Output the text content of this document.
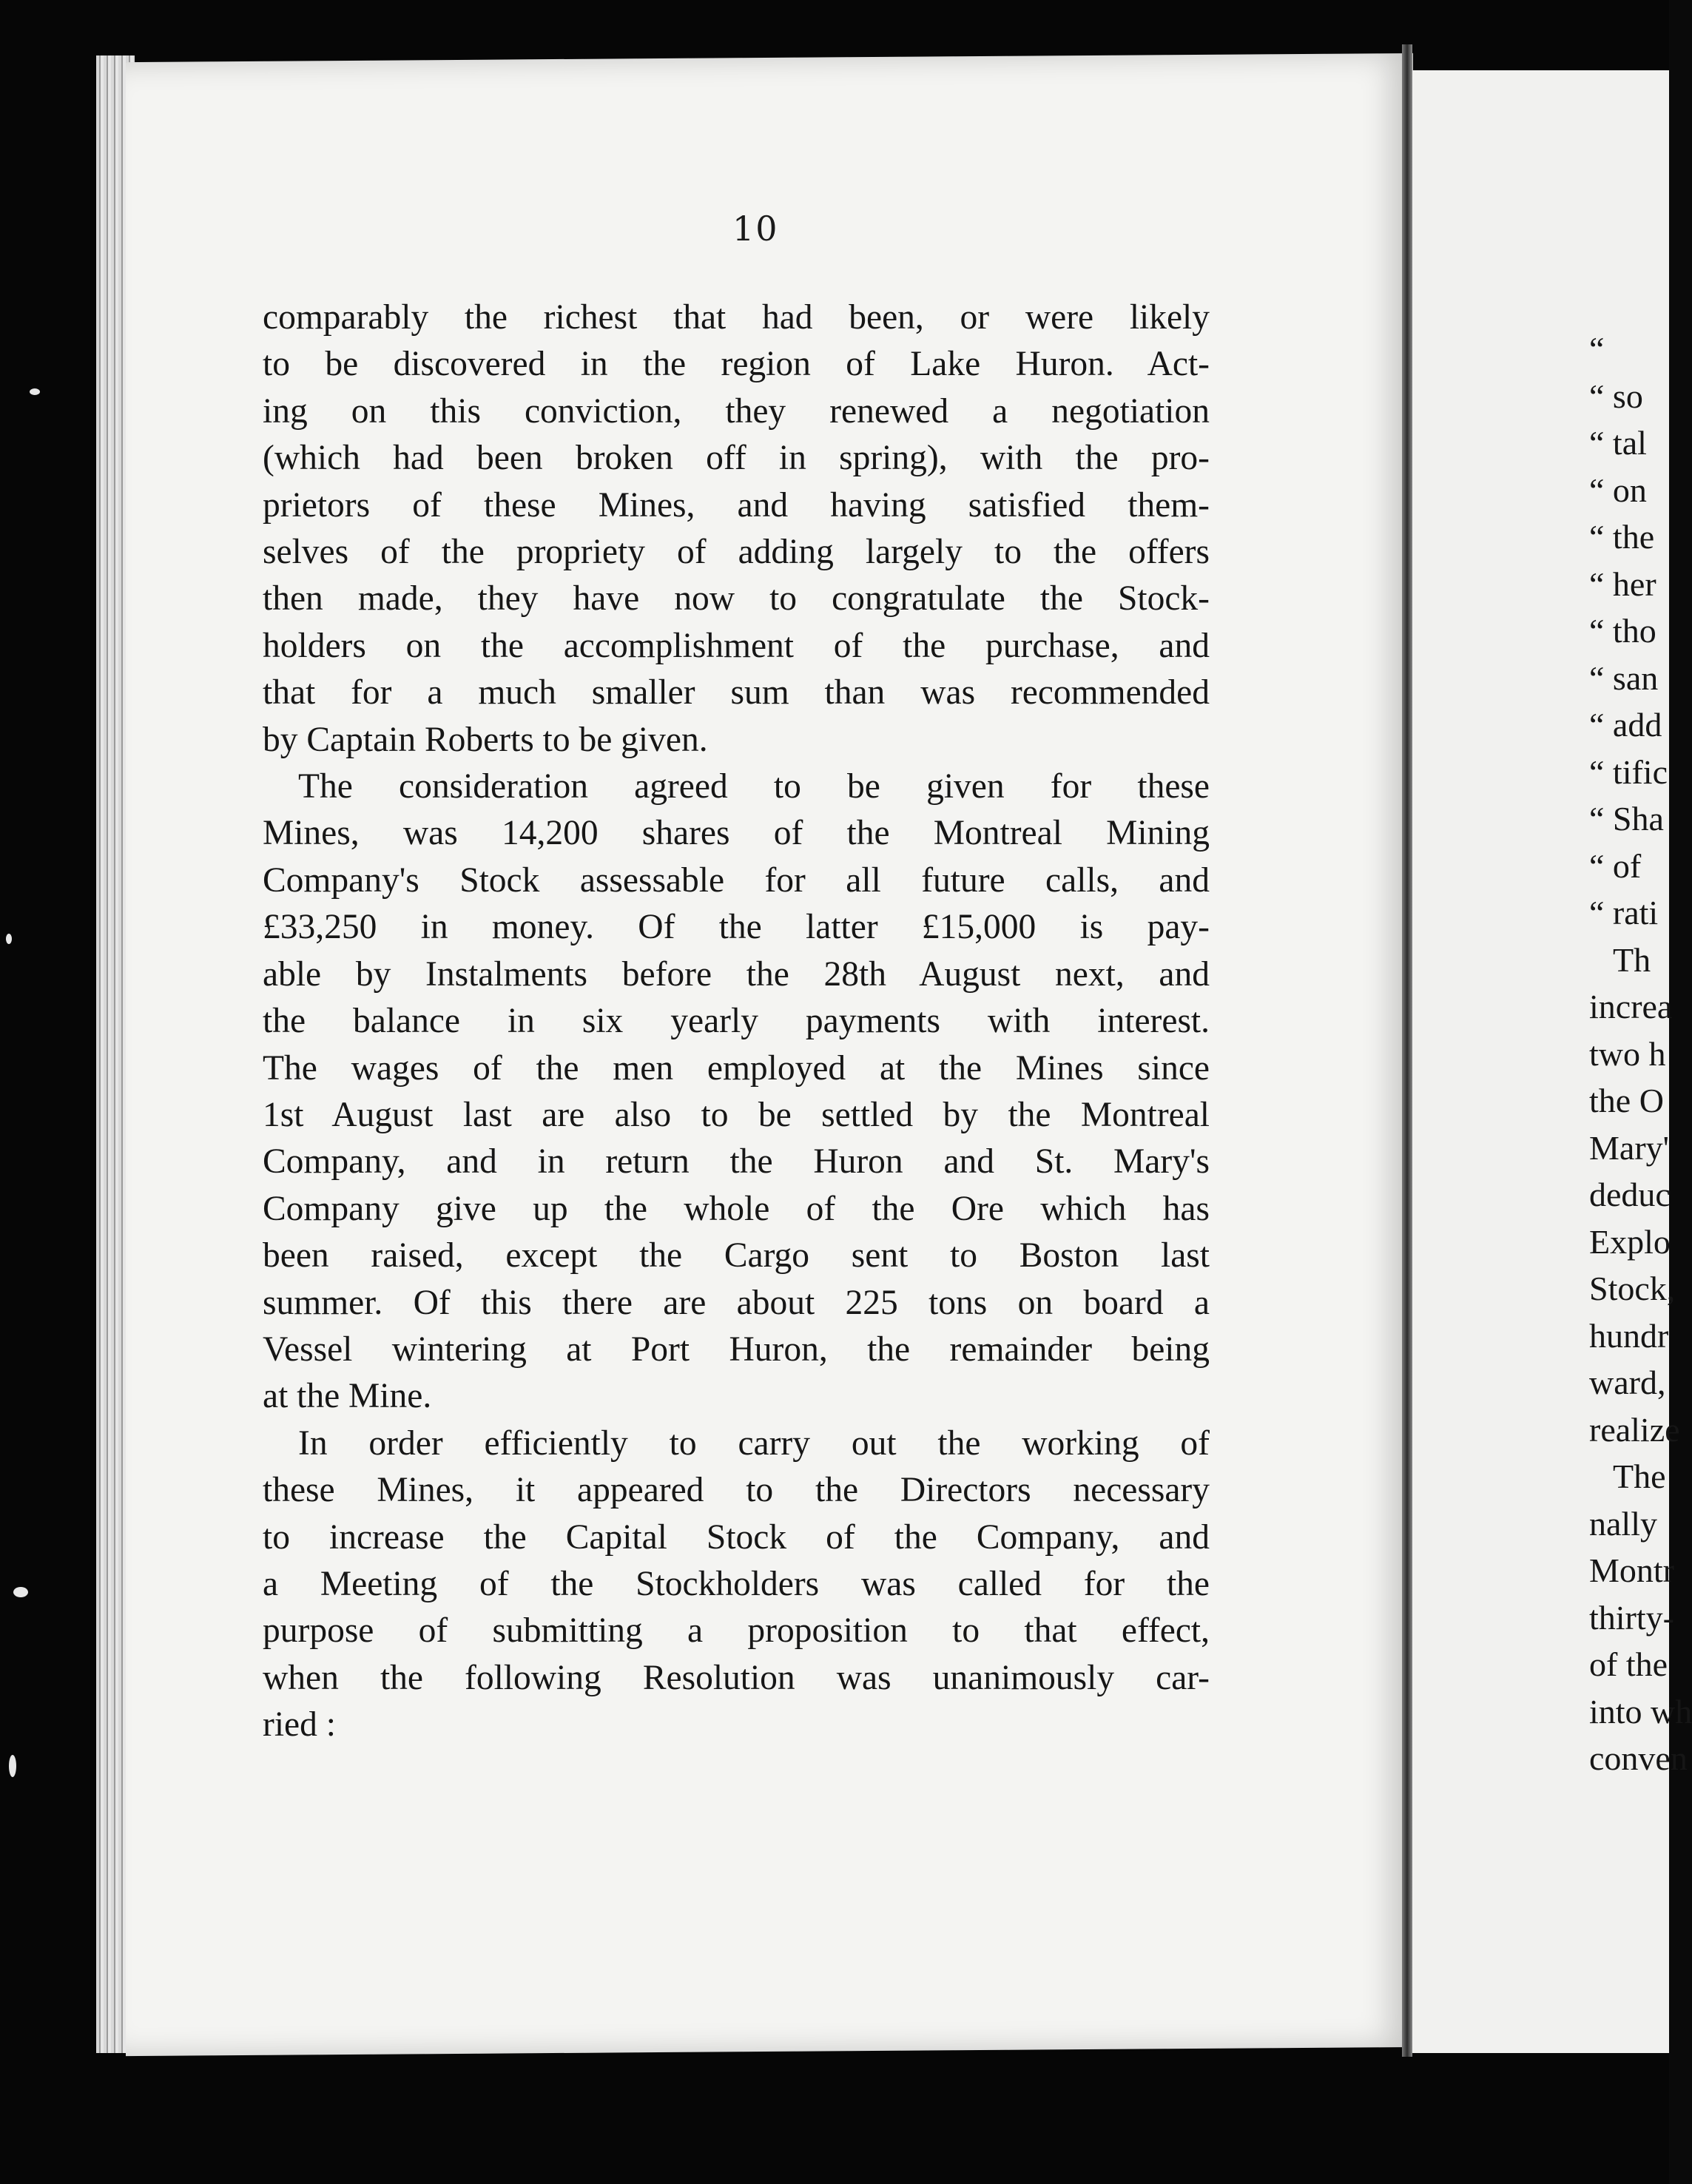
10
comparably the richest that had been, or were likely
to be discovered in the region of Lake Huron. Act-
ing on this conviction, they renewed a negotiation
(which had been broken off in spring), with the pro-
prietors of these Mines, and having satisfied them-
selves of the propriety of adding largely to the offers
then made, they have now to congratulate the Stock-
holders on the accomplishment of the purchase, and
that for a much smaller sum than was recommended
by Captain Roberts to be given.
The consideration agreed to be given for these
Mines, was 14,200 shares of the Montreal Mining
Company's Stock assessable for all future calls, and
£33,250 in money. Of the latter £15,000 is pay-
able by Instalments before the 28th August next, and
the balance in six yearly payments with interest.
The wages of the men employed at the Mines since
1st August last are also to be settled by the Montreal
Company, and in return the Huron and St. Mary's
Company give up the whole of the Ore which has
been raised, except the Cargo sent to Boston last
summer. Of this there are about 225 tons on board a
Vessel wintering at Port Huron, the remainder being
at the Mine.
In order efficiently to carry out the working of
these Mines, it appeared to the Directors necessary
to increase the Capital Stock of the Company, and
a Meeting of the Stockholders was called for the
purpose of submitting a proposition to that effect,
when the following Resolution was unanimously car-
ried :
“
“ so
“ tal
“ on
“ the
“ her
“ tho
“ san
“ add
“ tific
“ Sha
“ of
“ rati
Th
increa
two h
the O
Mary'
deduc
Explo
Stock,
hundr
ward,
realize
The
nally
Montr
thirty-
of the
into wh
conven
